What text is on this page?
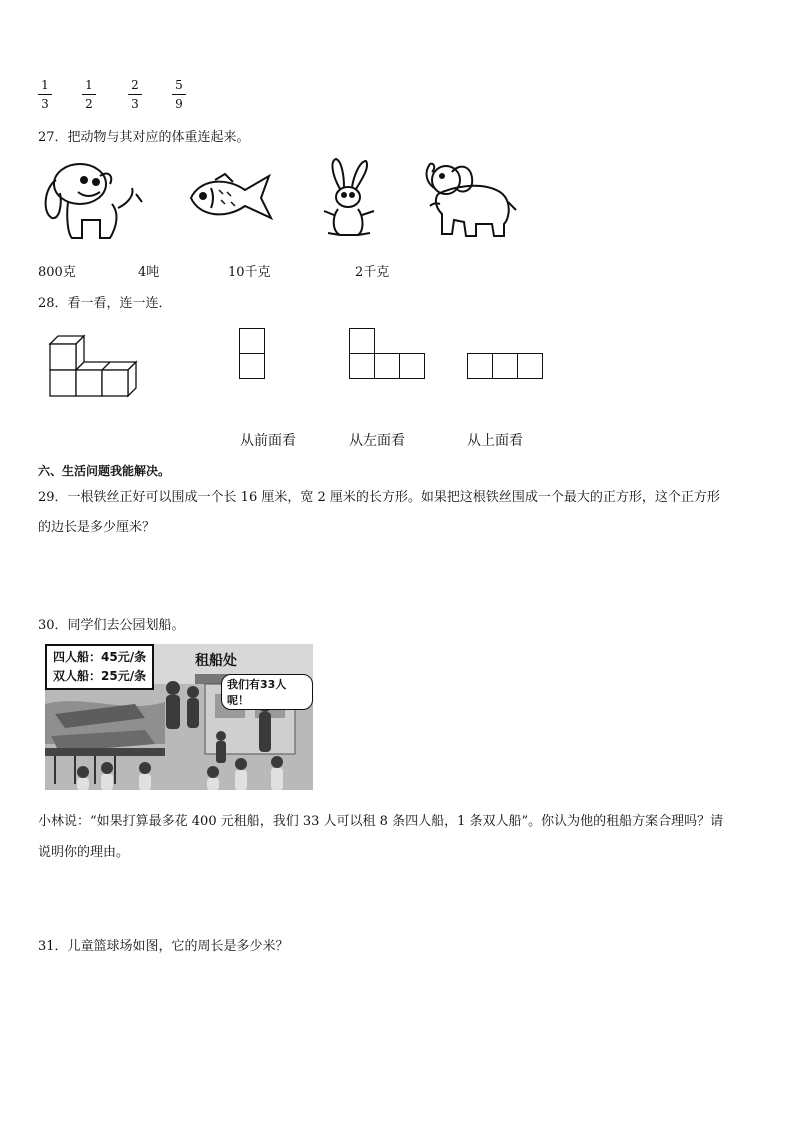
1
3
1
2
2
3
5
9
27．把动物与其对应的体重连起来。
800克	4吨	10千克	2千克
28．看一看，连一连．
从前面看	从左面看	从上面看
六、生活问题我能解决。
29．一根铁丝正好可以围成一个长 16 厘米，宽 2 厘米的长方形。如果把这根铁丝围成一个最大的正方形，这个正方形
的边长是多少厘米？
30．同学们去公园划船。
四人船：45元/条
双人船：25元/条
租船处
我们有33人呢！
小林说：“如果打算最多花 400 元租船，我们 33 人可以租 8 条四人船，1 条双人船”。你认为他的租船方案合理吗？请
说明你的理由。
31．儿童篮球场如图，它的周长是多少米？
